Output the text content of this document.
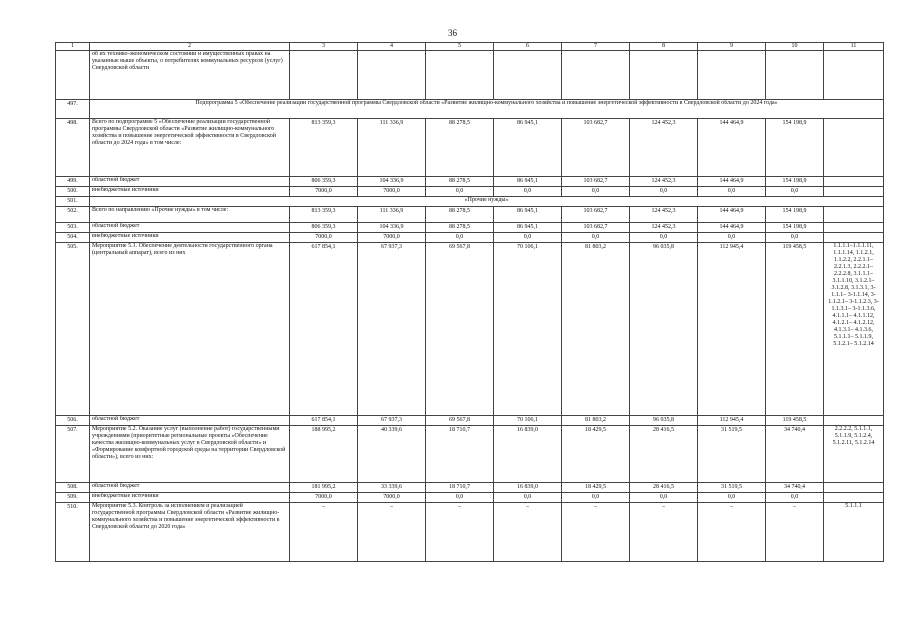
36
1	2	3	4	5	6	7	8	9	10	11
	об их технико-экономическом состоянии и имущественных правах на указанные выше объекты, о потребителях коммунальных ресурсов (услуг) Свердловской области									
497.	Подпрограмма 5 «Обеспечение реализации государственной программы Свердловской области «Развитие жилищно-коммунального хозяйства и повышение энергетической эффективности в Свердловской области до 2024 года»									
498.	Всего по подпрограмме 5 «Обеспечение реализации государственной программы Свердловской области «Развитие жилищно-коммунального хозяйства и повышение энергетической эффективности в Свердловской области до 2024 года» в том числе:	813 359,3	111 336,9	88 278,5	86 945,1	103 682,7	124 452,3	144 464,9	154 198,9	
499.	областной бюджет	806 359,3	104 336,9	88 278,5	86 945,1	103 682,7	124 452,3	144 464,9	154 198,9	
500.	внебюджетные источники	7000,0	7000,0	0,0	0,0	0,0	0,0	0,0	0,0	
501.	«Прочие нужды»									
502.	Всего по направлению «Прочие нужды» в том числе:	813 359,3	111 336,9	88 278,5	86 945,1	103 682,7	124 452,3	144 464,9	154 198,9	
503.	областной бюджет	806 359,3	104 336,9	88 278,5	86 945,1	103 682,7	124 452,3	144 464,9	154 198,9	
504.	внебюджетные источники	7000,0	7000,0	0,0	0,0	0,0	0,0	0,0	0,0	
505.	Мероприятие 5.1. Обеспечение деятельности государственного органа (центральный аппарат), всего из них	617 854,1	67 937,3	69 567,8	70 106,1	81 803,2	96 035,8	112 945,4	119 458,5	1.1.1.1–1.1.1.11, 1.1.1.14, 1.1.2.1, 1.1.2.2, 2.2.1.1– 2.2.1.3, 2.2.2.1– 2.2.2.8, 3.1.1.1– 3.1.1.10, 3.1.2.1– 3.1.2.8, 3.1.3.1, 3-1.1.1– 3-1.1.14, 3-1.1.2.1– 3-1.1.2.3, 3-1.1.3.1– 3-1.1.3.6, 4.1.1.1– 4.1.1.12, 4.1.2.1– 4.1.2.12, 4.1.3.1– 4.1.3.6, 5.1.1.1– 5.1.1.9, 5.1.2.1– 5.1.2.14
506.	областной бюджет	617 854,1	67 937,3	69 567,8	70 106,1	81 803,2	96 035,8	112 945,4	119 458,5	
507.	Мероприятие 5.2. Оказание услуг (выполнение работ) государственными учреждениями (приоритетные региональные проекты «Обеспечение качества жилищно-коммунальных услуг в Свердловской области» и «Формирование комфортной городской среды на территории Свердловской области»), всего из них:	188 995,2	40 339,6	18 710,7	16 839,0	18 429,5	28 416,5	31 519,5	34 740,4	2.2.2.2, 5.1.1.1, 5.1.1.9, 5.1.2.4, 5.1.2.11, 5.1.2.14
508.	областной бюджет	181 995,2	33 339,6	18 710,7	16 839,0	18 429,5	28 416,5	31 519,5	34 740,4	
509.	внебюджетные источники	7000,0	7000,0	0,0	0,0	0,0	0,0	0,0	0,0	
510.	Мероприятие 5.3. Контроль за исполнением и реализацией государственной программы Свердловской области «Развитие жилищно-коммунального хозяйства и повышение энергетической эффективности в Свердловской области до 2020 года»	–	–	–	–	–	–	–	–	5.1.1.1
